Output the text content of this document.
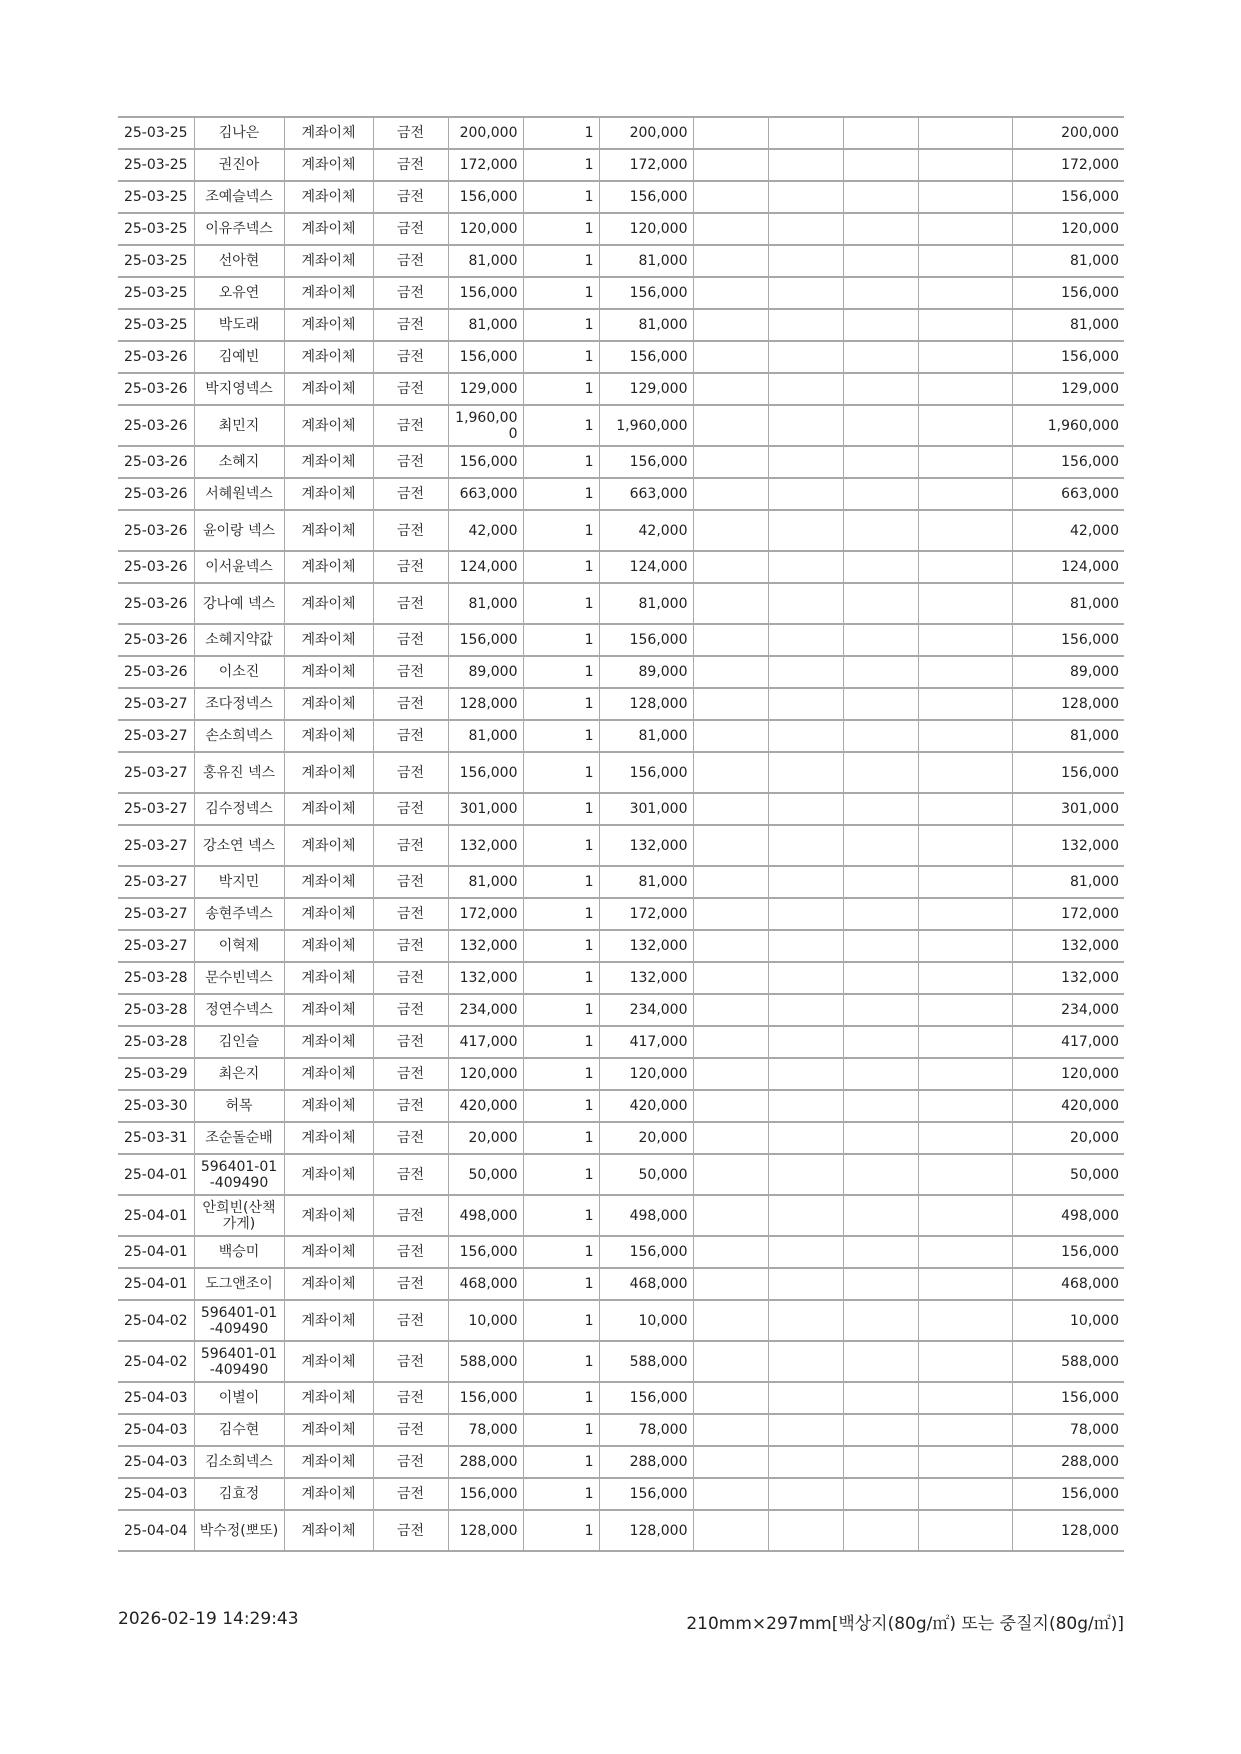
25-03-25	김나은	계좌이체	금전	200,000	1	200,000					200,000
25-03-25	권진아	계좌이체	금전	172,000	1	172,000					172,000
25-03-25	조예슬넥스	계좌이체	금전	156,000	1	156,000					156,000
25-03-25	이유주넥스	계좌이체	금전	120,000	1	120,000					120,000
25-03-25	선아현	계좌이체	금전	81,000	1	81,000					81,000
25-03-25	오유연	계좌이체	금전	156,000	1	156,000					156,000
25-03-25	박도래	계좌이체	금전	81,000	1	81,000					81,000
25-03-26	김예빈	계좌이체	금전	156,000	1	156,000					156,000
25-03-26	박지영넥스	계좌이체	금전	129,000	1	129,000					129,000
25-03-26	최민지	계좌이체	금전	1,960,000	1	1,960,000					1,960,000
25-03-26	소혜지	계좌이체	금전	156,000	1	156,000					156,000
25-03-26	서혜원넥스	계좌이체	금전	663,000	1	663,000					663,000
25-03-26	윤이랑 넥스	계좌이체	금전	42,000	1	42,000					42,000
25-03-26	이서윤넥스	계좌이체	금전	124,000	1	124,000					124,000
25-03-26	강나예 넥스	계좌이체	금전	81,000	1	81,000					81,000
25-03-26	소혜지약값	계좌이체	금전	156,000	1	156,000					156,000
25-03-26	이소진	계좌이체	금전	89,000	1	89,000					89,000
25-03-27	조다정넥스	계좌이체	금전	128,000	1	128,000					128,000
25-03-27	손소희넥스	계좌이체	금전	81,000	1	81,000					81,000
25-03-27	홍유진 넥스	계좌이체	금전	156,000	1	156,000					156,000
25-03-27	김수정넥스	계좌이체	금전	301,000	1	301,000					301,000
25-03-27	강소연 넥스	계좌이체	금전	132,000	1	132,000					132,000
25-03-27	박지민	계좌이체	금전	81,000	1	81,000					81,000
25-03-27	송현주넥스	계좌이체	금전	172,000	1	172,000					172,000
25-03-27	이혁제	계좌이체	금전	132,000	1	132,000					132,000
25-03-28	문수빈넥스	계좌이체	금전	132,000	1	132,000					132,000
25-03-28	정연수넥스	계좌이체	금전	234,000	1	234,000					234,000
25-03-28	김인슬	계좌이체	금전	417,000	1	417,000					417,000
25-03-29	최은지	계좌이체	금전	120,000	1	120,000					120,000
25-03-30	허목	계좌이체	금전	420,000	1	420,000					420,000
25-03-31	조순돌순배	계좌이체	금전	20,000	1	20,000					20,000
25-04-01	596401-01-409490	계좌이체	금전	50,000	1	50,000					50,000
25-04-01	안희빈(산책가게)	계좌이체	금전	498,000	1	498,000					498,000
25-04-01	백승미	계좌이체	금전	156,000	1	156,000					156,000
25-04-01	도그앤조이	계좌이체	금전	468,000	1	468,000					468,000
25-04-02	596401-01-409490	계좌이체	금전	10,000	1	10,000					10,000
25-04-02	596401-01-409490	계좌이체	금전	588,000	1	588,000					588,000
25-04-03	이별이	계좌이체	금전	156,000	1	156,000					156,000
25-04-03	김수현	계좌이체	금전	78,000	1	78,000					78,000
25-04-03	김소희넥스	계좌이체	금전	288,000	1	288,000					288,000
25-04-03	김효정	계좌이체	금전	156,000	1	156,000					156,000
25-04-04	박수정(뽀또)	계좌이체	금전	128,000	1	128,000					128,000
2026-02-19 14:29:43	210mm×297mm[백상지(80g/㎡) 또는 중질지(80g/㎡)]
